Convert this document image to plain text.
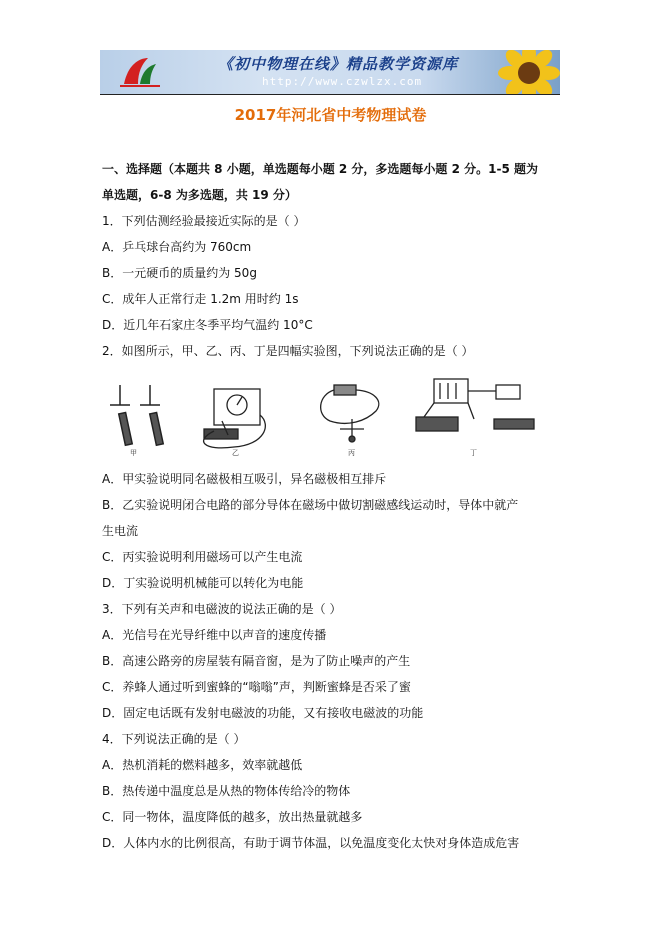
《初中物理在线》精品教学资源库
http://www.czwlzx.com
2017年河北省中考物理试卷
一、选择题（本题共 8 小题，单选题每小题 2 分，多选题每小题 2 分。1-5 题为
单选题，6-8 为多选题，共 19 分）
1．下列估测经验最接近实际的是（ ）
A．乒乓球台高约为 760cm
B．一元硬币的质量约为 50g
C．成年人正常行走 1.2m 用时约 1s
D．近几年石家庄冬季平均气温约 10°C
2．如图所示，甲、乙、丙、丁是四幅实验图，下列说法正确的是（ ）
甲	乙	丙	丁
A．甲实验说明同名磁极相互吸引，异名磁极相互排斥
B．乙实验说明闭合电路的部分导体在磁场中做切割磁感线运动时，导体中就产
生电流
C．丙实验说明利用磁场可以产生电流
D．丁实验说明机械能可以转化为电能
3．下列有关声和电磁波的说法正确的是（ ）
A．光信号在光导纤维中以声音的速度传播
B．高速公路旁的房屋装有隔音窗，是为了防止噪声的产生
C．养蜂人通过听到蜜蜂的“嗡嗡”声，判断蜜蜂是否采了蜜
D．固定电话既有发射电磁波的功能，又有接收电磁波的功能
4．下列说法正确的是（ ）
A．热机消耗的燃料越多，效率就越低
B．热传递中温度总是从热的物体传给冷的物体
C．同一物体，温度降低的越多，放出热量就越多
D．人体内水的比例很高，有助于调节体温，以免温度变化太快对身体造成危害
